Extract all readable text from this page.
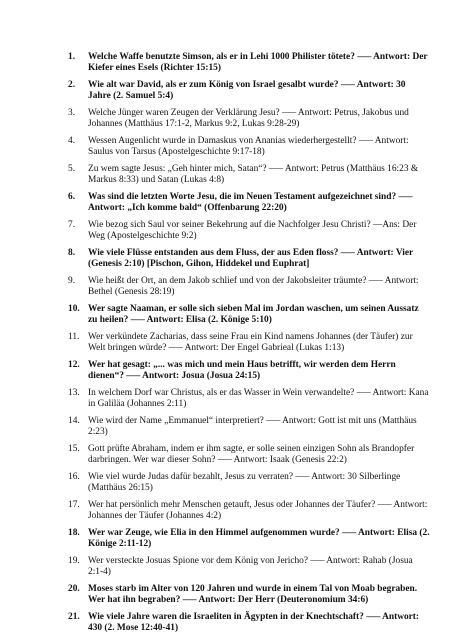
1.	Welche Waffe benutzte Simson, als er in Lehi 1000 Philister tötete? —– Antwort: Der Kiefer eines Esels (Richter 15:15)
2.	Wie alt war David, als er zum König von Israel gesalbt wurde? —– Antwort: 30 Jahre (2. Samuel 5:4)
3.	Welche Jünger waren Zeugen der Verklärung Jesu? —– Antwort: Petrus, Jakobus und Johannes (Matthäus 17:1-2, Markus 9:2, Lukas 9:28-29)
4.	Wessen Augenlicht wurde in Damaskus von Ananias wiederhergestellt? —– Antwort: Saulus von Tarsus (Apostelgeschichte 9:17-18)
5.	Zu wem sagte Jesus: „Geh hinter mich, Satan“? —– Antwort: Petrus (Matthäus 16:23 & Markus 8:33) und Satan (Lukas 4:8)
6.	Was sind die letzten Worte Jesu, die im Neuen Testament aufgezeichnet sind? —– Antwort: „Ich komme bald“ (Offenbarung 22:20)
7.	Wie bezog sich Saul vor seiner Bekehrung auf die Nachfolger Jesu Christi? —Ans: Der Weg (Apostelgeschichte 9:2)
8.	Wie viele Flüsse entstanden aus dem Fluss, der aus Eden floss? —– Antwort: Vier (Genesis 2:10) [Pischon, Gihon, Hiddekel und Euphrat]
9.	Wie heißt der Ort, an dem Jakob schlief und von der Jakobsleiter träumte? —– Antwort: Bethel (Genesis 28:19)
10. Wer sagte Naaman, er solle sich sieben Mal im Jordan waschen, um seinen Aussatz zu heilen? —– Antwort: Elisa (2. Könige 5:10)
11. Wer verkündete Zacharias, dass seine Frau ein Kind namens Johannes (der Täufer) zur Welt bringen würde? —– Antwort: Der Engel Gabrieal (Lukas 1:13)
12. Wer hat gesagt: „... was mich und mein Haus betrifft, wir werden dem Herrn dienen“? —– Antwort: Josua (Josua 24:15)
13. In welchem Dorf war Christus, als er das Wasser in Wein verwandelte? —– Antwort: Kana in Galiläa (Johannes 2:11)
14. Wie wird der Name „Emmanuel“ interpretiert? —– Antwort: Gott ist mit uns (Matthäus 2:23)
15. Gott prüfte Abraham, indem er ihm sagte, er solle seinen einzigen Sohn als Brandopfer darbringen. Wer war dieser Sohn? —– Antwort: Isaak (Genesis 22:2)
16. Wie viel wurde Judas dafür bezahlt, Jesus zu verraten? —– Antwort: 30 Silberlinge (Matthäus 26:15)
17. Wer hat persönlich mehr Menschen getauft, Jesus oder Johannes der Täufer? —– Antwort: Johannes der Täufer (Johannes 4:2)
18. Wer war Zeuge, wie Elia in den Himmel aufgenommen wurde? —– Antwort: Elisa (2. Könige 2:11-12)
19. Wer versteckte Josuas Spione vor dem König von Jericho? —– Antwort: Rahab (Josua 2:1-4)
20. Moses starb im Alter von 120 Jahren und wurde in einem Tal von Moab begraben. Wer hat ihn begraben? —– Antwort: Der Herr (Deuteronomium 34:6)
21. Wie viele Jahre waren die Israeliten in Ägypten in der Knechtschaft? —– Antwort: 430 (2. Mose 12:40-41)
